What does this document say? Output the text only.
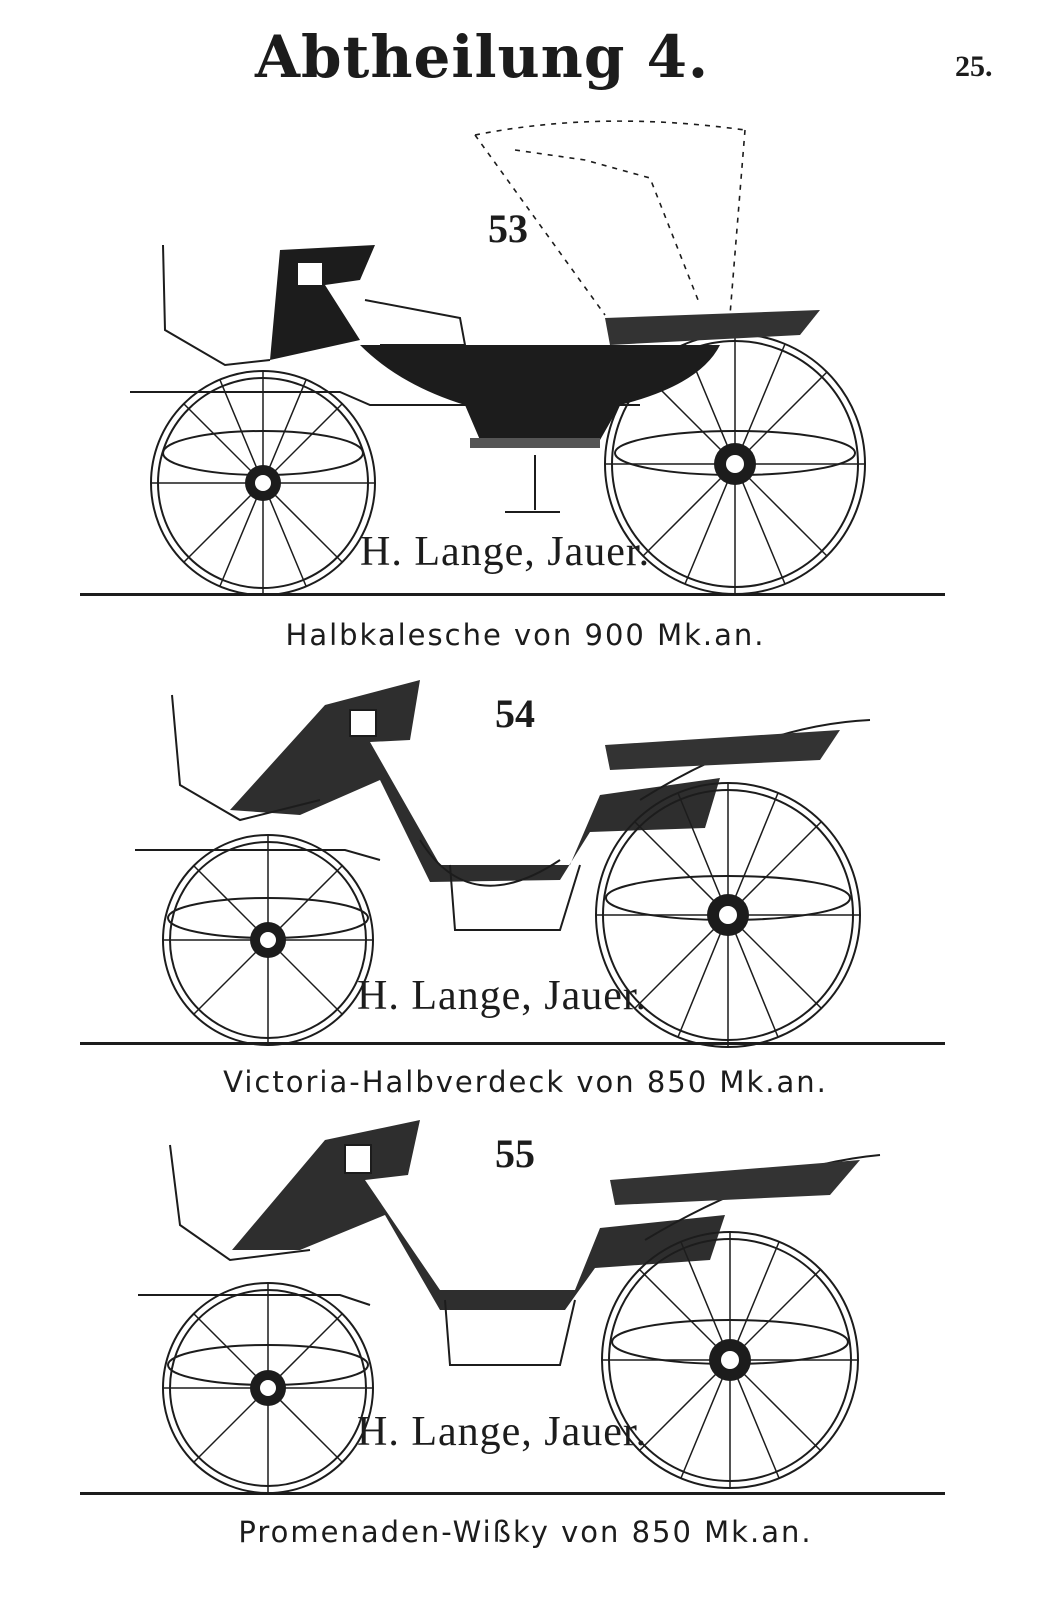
Abtheilung 4.	25.
53
H. Lange, Jauer.
Halbkalesche von 900 Mk.an.
54
H. Lange, Jauer.
Victoria-Halbverdeck von 850 Mk.an.
55
H. Lange, Jauer.
Promenaden-Wißky von 850 Mk.an.
